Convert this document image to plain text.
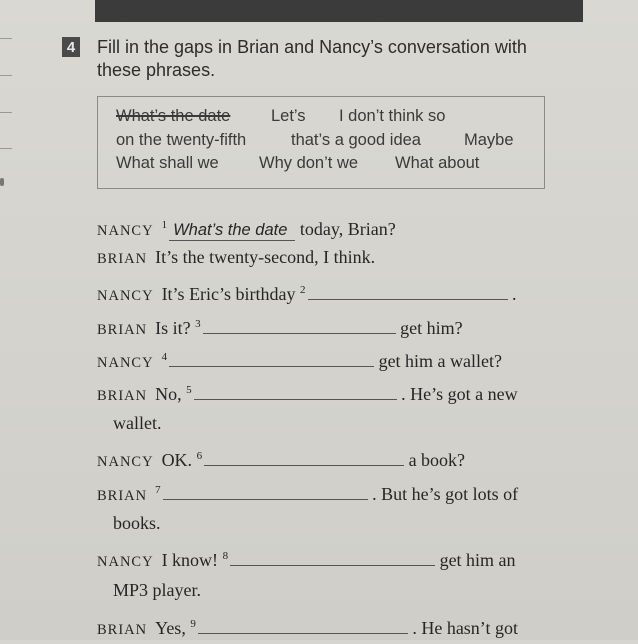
4 Fill in the gaps in Brian and Nancy’s conversation with
these phrases.
What’s the date Let’s I don’t think so
on the twenty-fifth	that’s a good idea	Maybe
What shall we Why don’t we What about
NANCY $^1$ What’s the date today, Brian?
BRIAN It’s the twenty-second, I think.
NANCY It’s Eric’s birthday $^2$	.
BRIAN Is it? $^3$	get him?
NANCY $^4$	get him a wallet?
BRIAN No, $^5$	. He’s got a new
wallet.
NANCY OK. $^6$	a book?
BRIAN $^7$	. But he’s got lots of
books.
NANCY I know! $^8$	get him an
MP3 player.
BRIAN Yes, $^9$	. He hasn’t got
